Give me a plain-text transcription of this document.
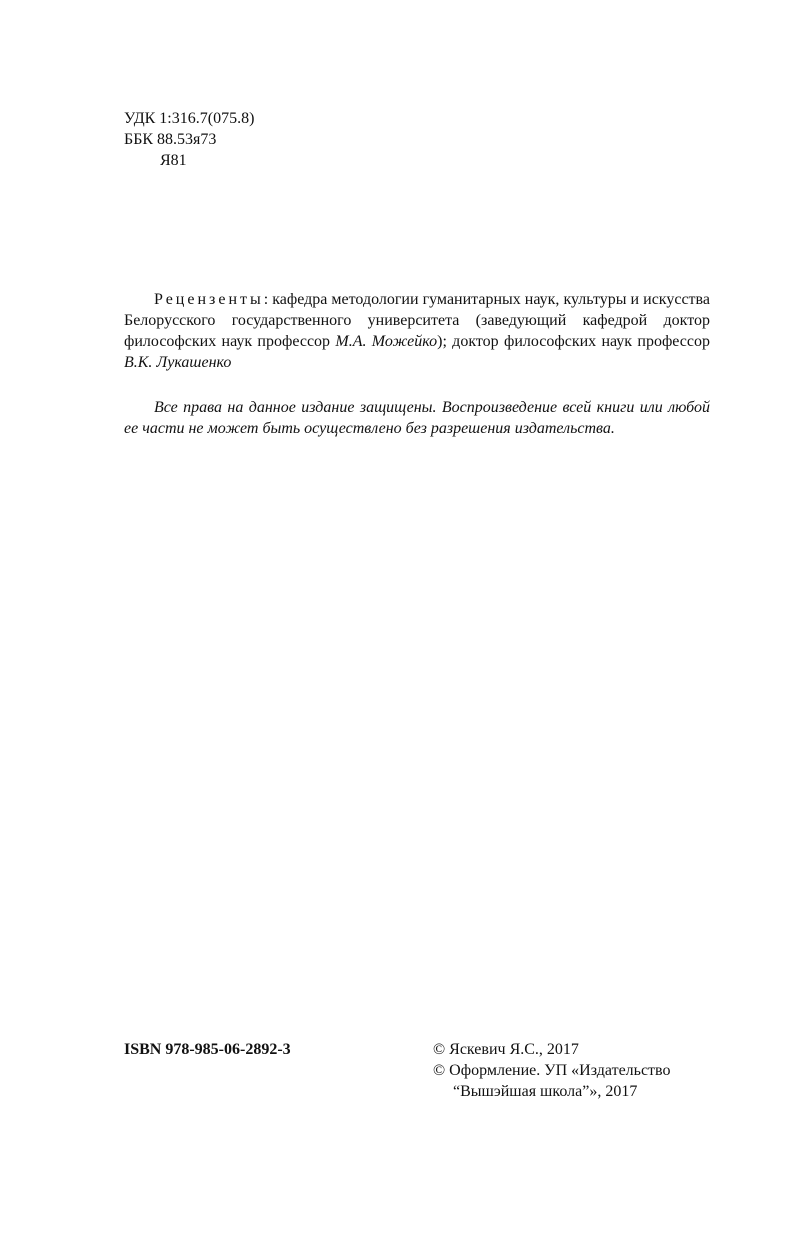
УДК 1:316.7(075.8)
ББК 88.53я73
Я81

Рецензенты: кафедра методологии гуманитарных наук, культуры и искусства Белорусского государственного университета (заведующий кафедрой доктор философских наук профессор М.А. Можейко); доктор философских наук профессор В.К. Лукашенко

Все права на данное издание защищены. Воспроизведение всей книги или любой ее части не может быть осуществлено без разрешения издательства.

ISBN 978-985-06-2892-3	© Яскевич Я.С., 2017
© Оформление. УП «Издательство
“Вышэйшая школа”», 2017
